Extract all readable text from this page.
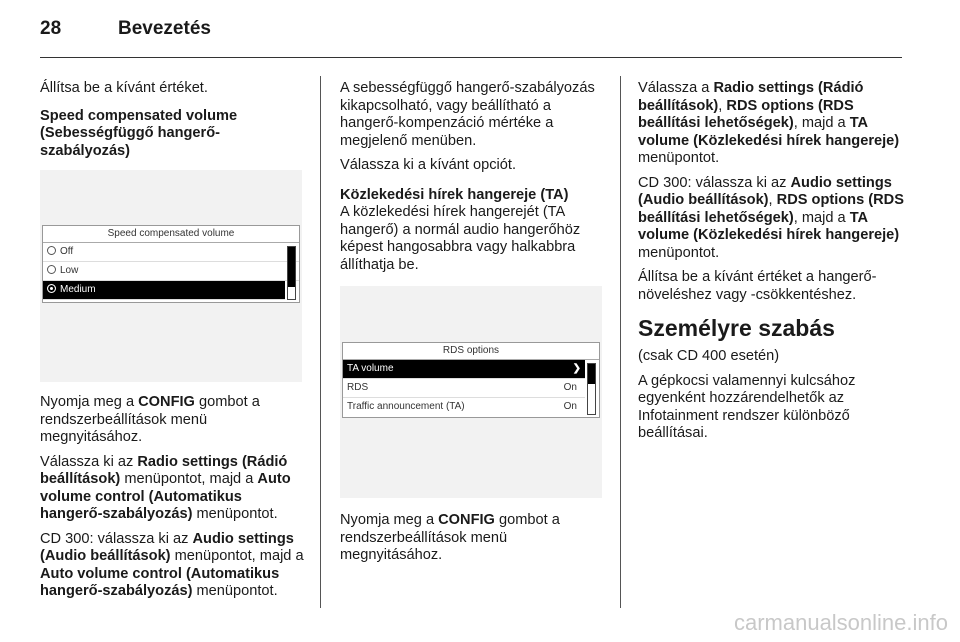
28	Bevezetés

Állítsa be a kívánt értéket.

Speed compensated volume (Sebességfüggő hangerő-szabályozás)

Speed compensated volume
Off
Low
Medium

Nyomja meg a CONFIG gombot a rendszerbeállítások menü megnyitásához.

Válassza ki az Radio settings (Rádió beállítások) menüpontot, majd a Auto volume control (Automatikus hangerő-szabályozás) menüpontot.

CD 300: válassza ki az Audio settings (Audio beállítások) menüpontot, majd a Auto volume control (Automatikus hangerő-szabályozás) menüpontot.

A sebességfüggő hangerő-szabályozás kikapcsolható, vagy beállítható a hangerő-kompenzáció mértéke a megjelenő menüben.

Válassza ki a kívánt opciót.

Közlekedési hírek hangereje (TA)

A közlekedési hírek hangerejét (TA hangerő) a normál audio hangerőhöz képest hangosabbra vagy halkabbra állíthatja be.

RDS options
TA volume	❯
RDS	On
Traffic announcement (TA)	On

Nyomja meg a CONFIG gombot a rendszerbeállítások menü megnyitásához.

Válassza a Radio settings (Rádió beállítások), RDS options (RDS beállítási lehetőségek), majd a TA volume (Közlekedési hírek hangereje) menüpontot.

CD 300: válassza ki az Audio settings (Audio beállítások), RDS options (RDS beállítási lehetőségek), majd a TA volume (Közlekedési hírek hangereje) menüpontot.

Állítsa be a kívánt értéket a hangerő-növeléshez vagy -csökkentéshez.

Személyre szabás

(csak CD 400 esetén)

A gépkocsi valamennyi kulcsához egyenként hozzárendelhetők az Infotainment rendszer különböző beállításai.

carmanualsonline.info
